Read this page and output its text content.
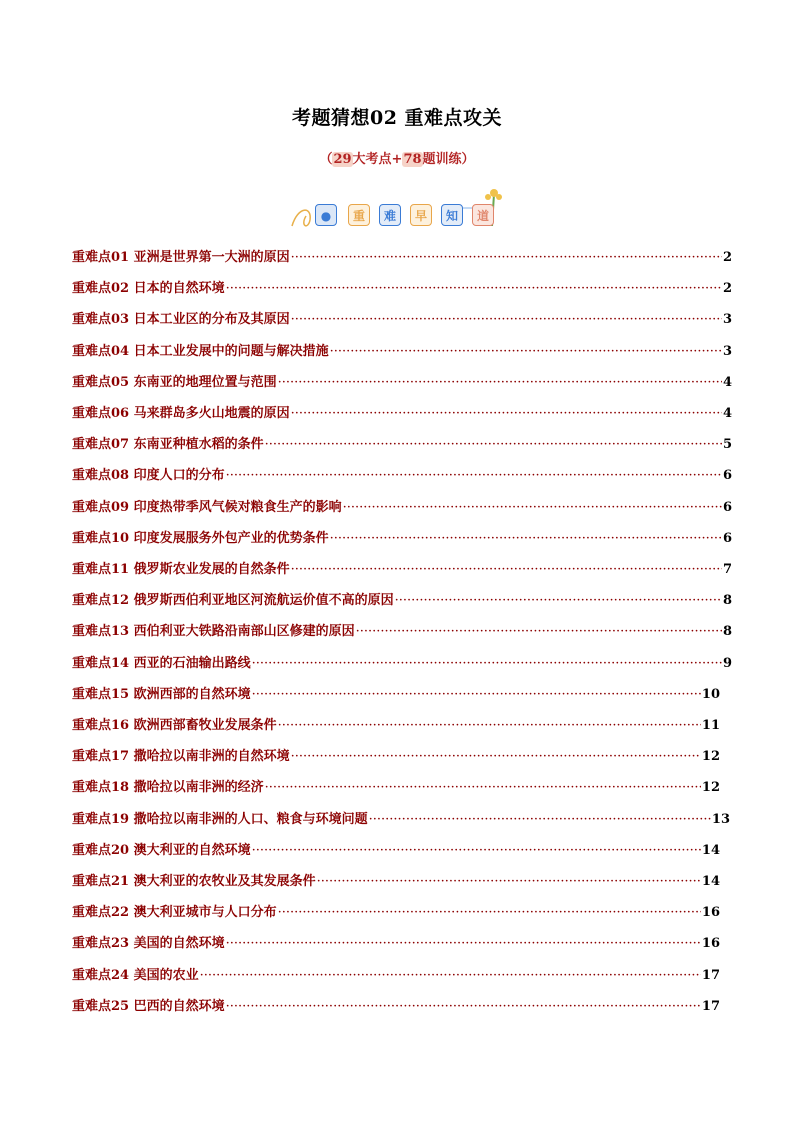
考题猜想02 重难点攻关
（29大考点+78题训练）
●	重	难	早	知	道
重难点01 亚洲是世界第一大洲的原因 ·····	2
重难点02 日本的自然环境 ·····	2
重难点03 日本工业区的分布及其原因 ·····	3
重难点04 日本工业发展中的问题与解决措施 ·····	3
重难点05 东南亚的地理位置与范围 ·····	4
重难点06 马来群岛多火山地震的原因 ·····	4
重难点07 东南亚种植水稻的条件 ·····	5
重难点08 印度人口的分布 ·····	6
重难点09 印度热带季风气候对粮食生产的影响 ·····	6
重难点10 印度发展服务外包产业的优势条件 ·····	6
重难点11 俄罗斯农业发展的自然条件 ·····	7
重难点12 俄罗斯西伯利亚地区河流航运价值不高的原因 ·····	8
重难点13 西伯利亚大铁路沿南部山区修建的原因 ·····	8
重难点14 西亚的石油输出路线 ·····	9
重难点15 欧洲西部的自然环境 ·····	10
重难点16 欧洲西部畜牧业发展条件 ·····	11
重难点17 撒哈拉以南非洲的自然环境 ·····	12
重难点18 撒哈拉以南非洲的经济 ·····	12
重难点19 撒哈拉以南非洲的人口、粮食与环境问题 ·····	13
重难点20 澳大利亚的自然环境 ·····	14
重难点21 澳大利亚的农牧业及其发展条件 ·····	14
重难点22 澳大利亚城市与人口分布 ·····	16
重难点23 美国的自然环境 ·····	16
重难点24 美国的农业 ·····	17
重难点25 巴西的自然环境 ·····	17
